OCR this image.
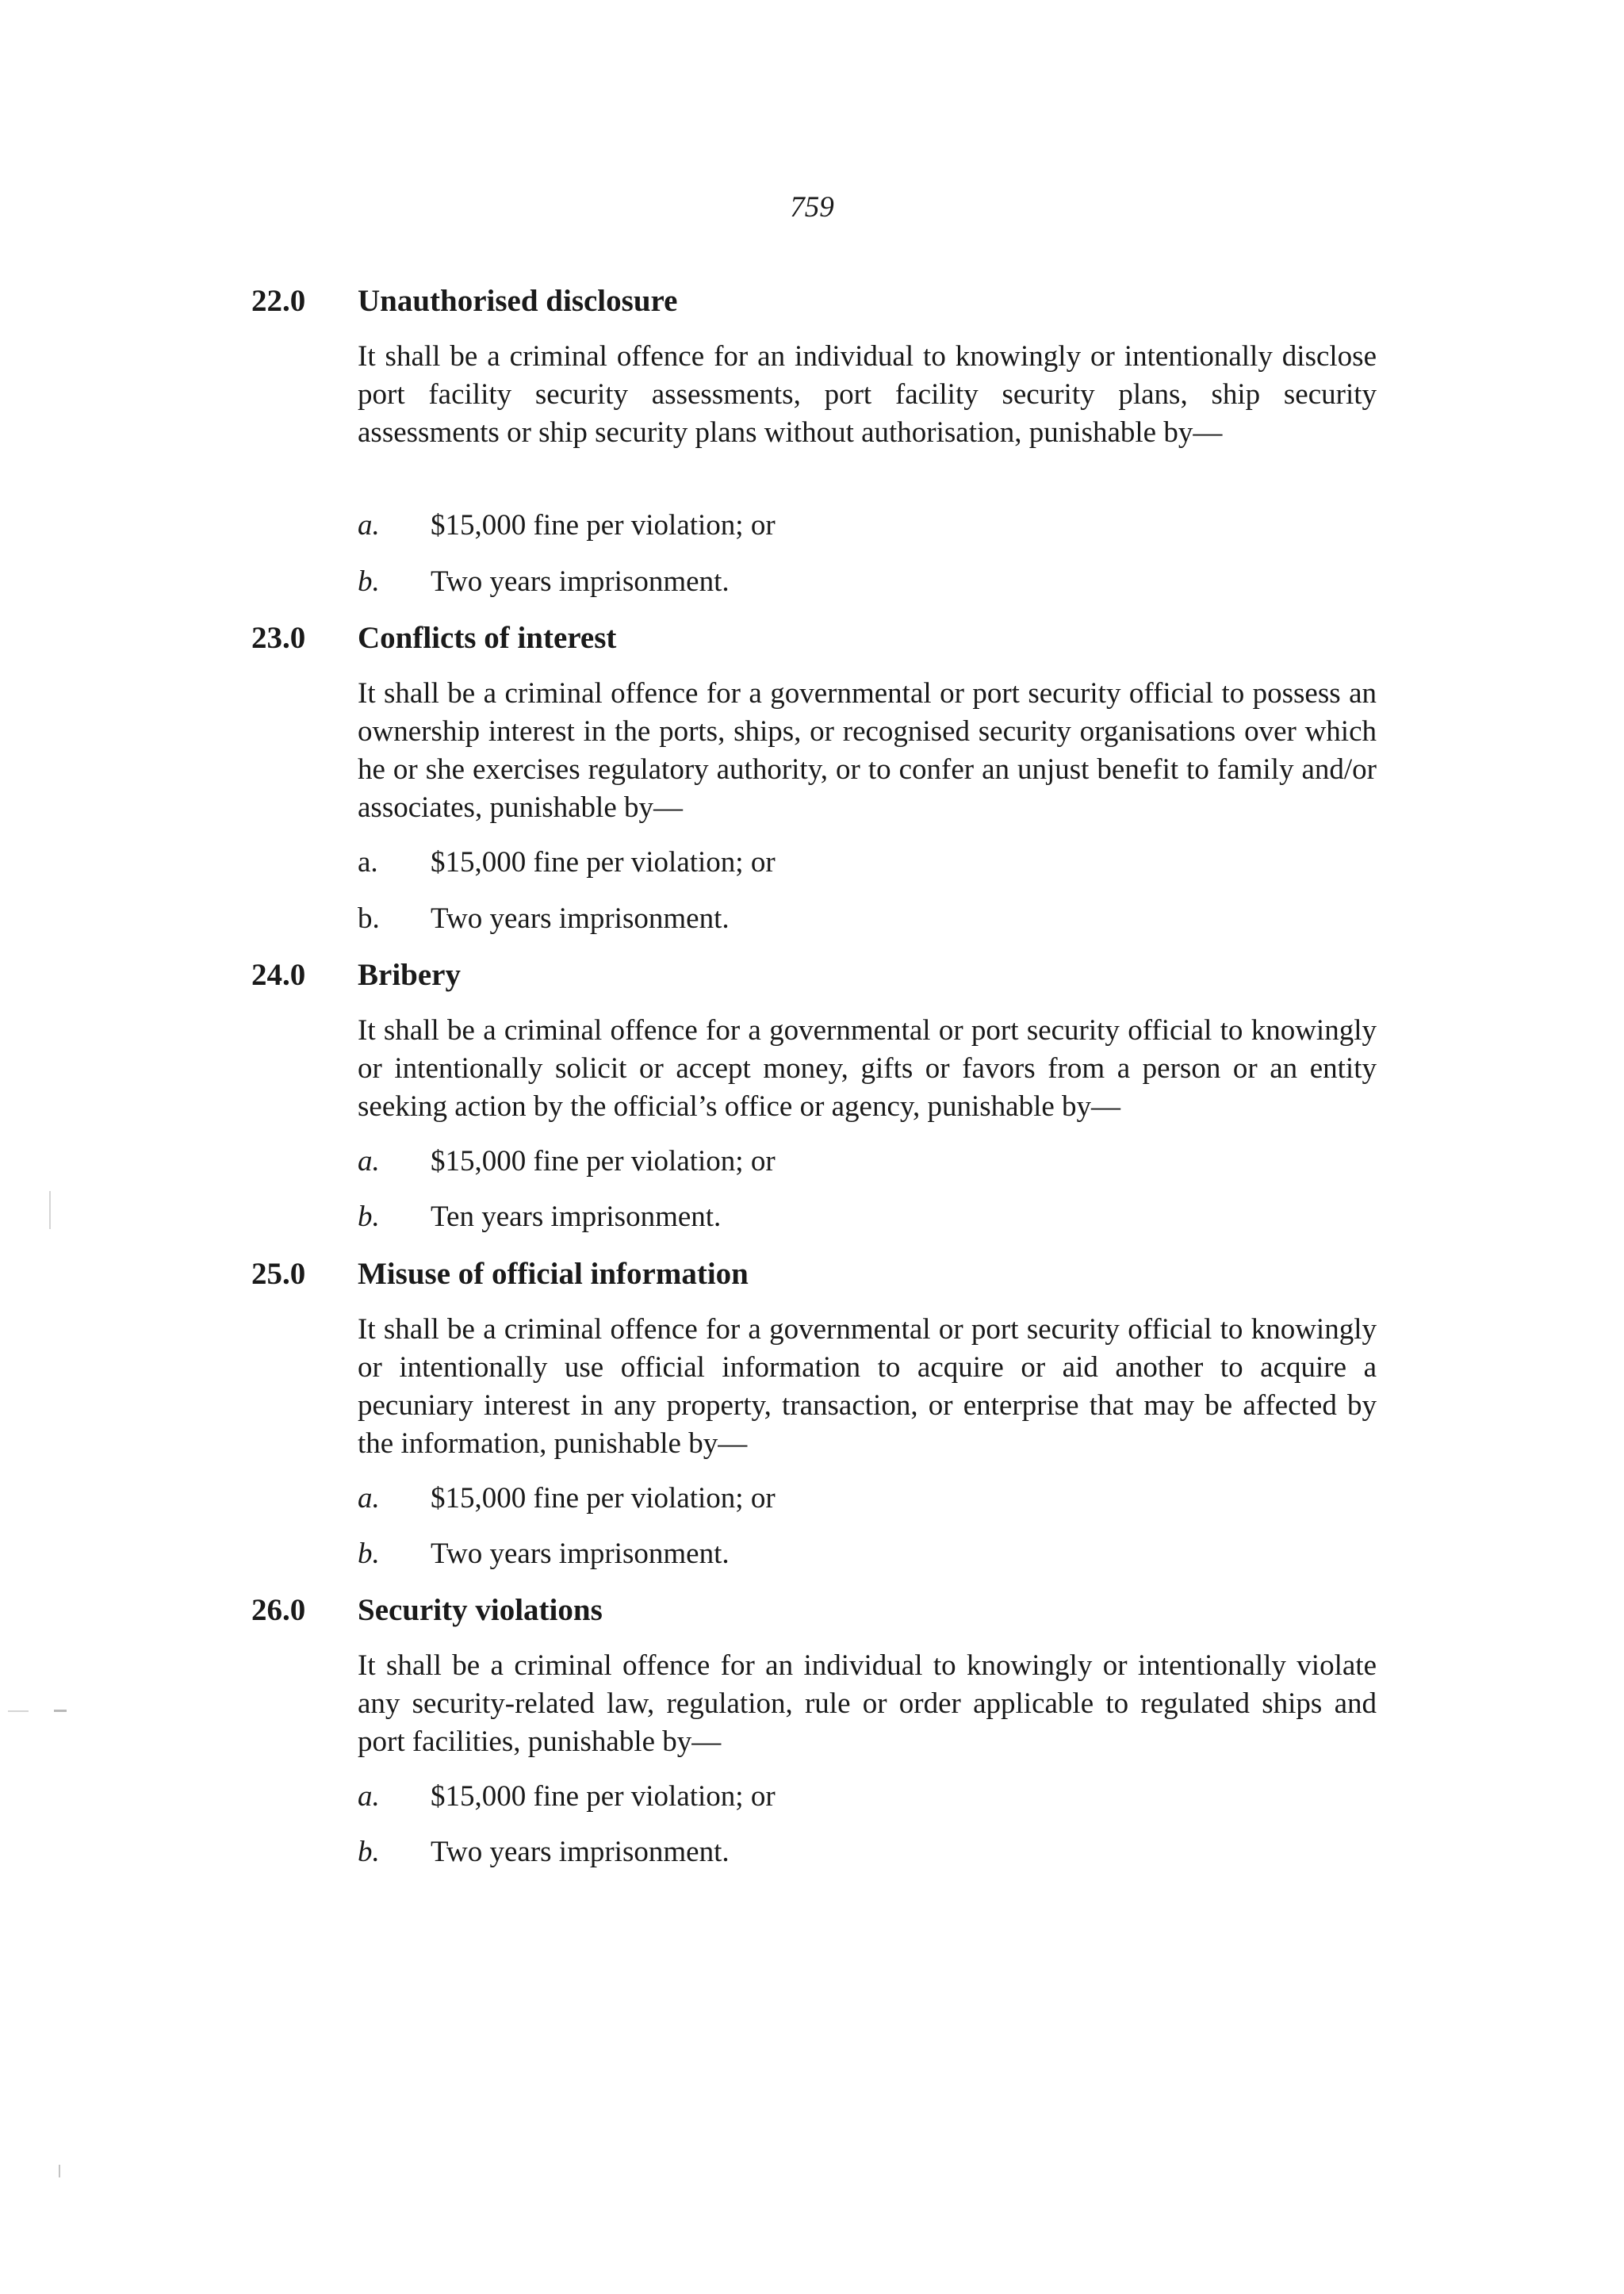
759
22.0 Unauthorised disclosure

It shall be a criminal offence for an individual to knowingly or intentionally disclose port facility security assessments, port facility security plans, ship security assessments or ship security plans without authorisation, punishable by—

a. $15,000 fine per violation; or
b. Two years imprisonment.
23.0 Conflicts of interest

It shall be a criminal offence for a governmental or port security official to possess an ownership interest in the ports, ships, or recognised security organisations over which he or she exercises regulatory authority, or to confer an unjust benefit to family and/or associates, punishable by—

a. $15,000 fine per violation; or
b. Two years imprisonment.
24.0 Bribery

It shall be a criminal offence for a governmental or port security official to knowingly or intentionally solicit or accept money, gifts or favors from a person or an entity seeking action by the official’s office or agency, punishable by—

a. $15,000 fine per violation; or
b. Ten years imprisonment.
25.0 Misuse of official information

It shall be a criminal offence for a governmental or port security official to knowingly or intentionally use official information to acquire or aid another to acquire a pecuniary interest in any property, transaction, or enterprise that may be affected by the information, punishable by—

a. $15,000 fine per violation; or
b. Two years imprisonment.
26.0 Security violations

It shall be a criminal offence for an individual to knowingly or intentionally violate any security-related law, regulation, rule or order applicable to regulated ships and port facilities, punishable by—

a. $15,000 fine per violation; or
b. Two years imprisonment.
